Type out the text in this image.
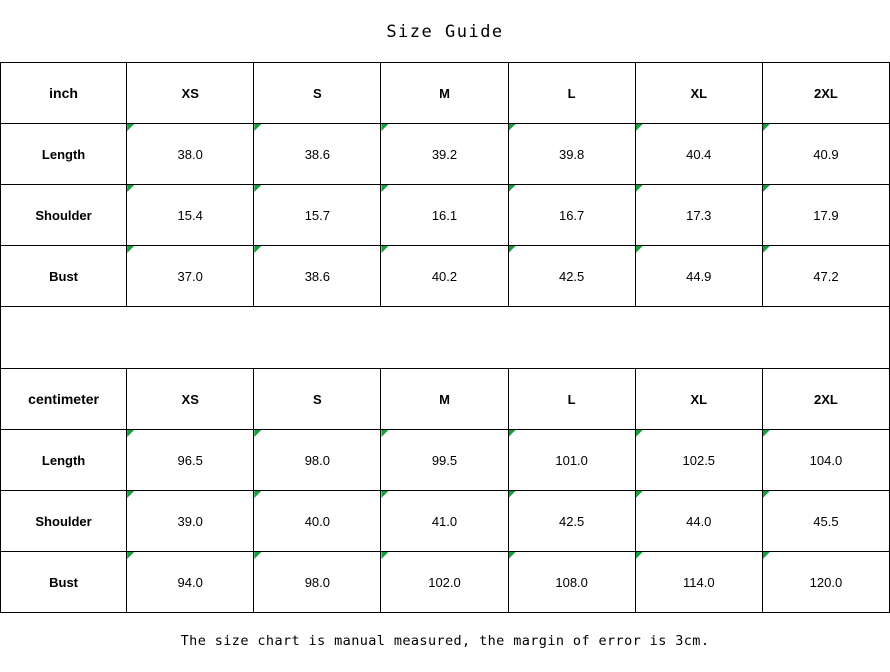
Size Guide
inch	XS	S	M	L	XL	2XL
Length	38.0	38.6	39.2	39.8	40.4	40.9
Shoulder	15.4	15.7	16.1	16.7	17.3	17.9
Bust	37.0	38.6	40.2	42.5	44.9	47.2
centimeter	XS	S	M	L	XL	2XL
Length	96.5	98.0	99.5	101.0	102.5	104.0
Shoulder	39.0	40.0	41.0	42.5	44.0	45.5
Bust	94.0	98.0	102.0	108.0	114.0	120.0
The size chart is manual measured, the margin of error is 3cm.
